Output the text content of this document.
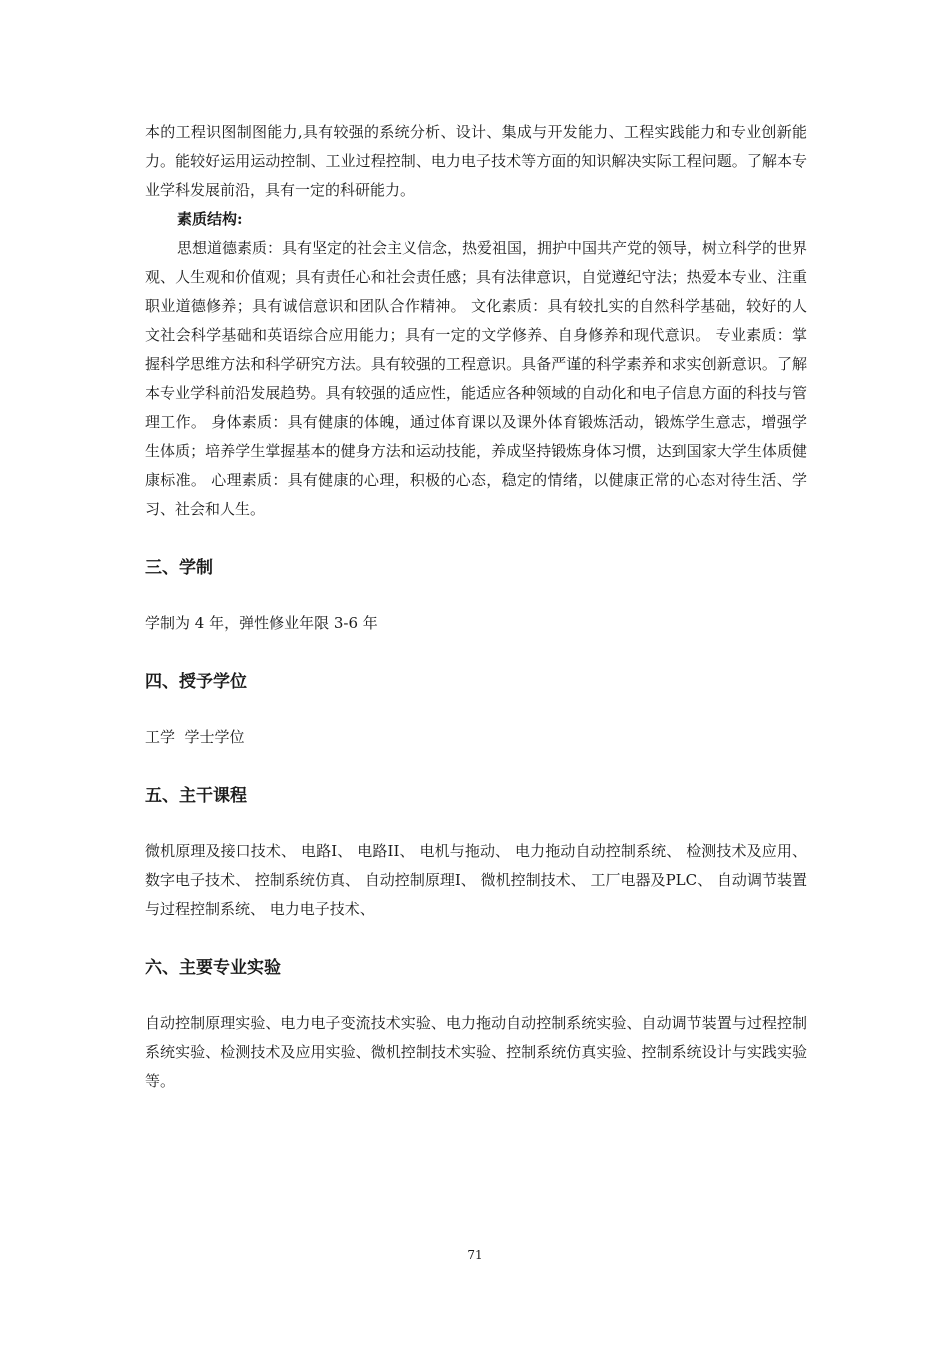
本的工程识图制图能力,具有较强的系统分析、设计、集成与开发能力、工程实践能力和专业创新能力。能较好运用运动控制、工业过程控制、电力电子技术等方面的知识解决实际工程问题。了解本专业学科发展前沿，具有一定的科研能力。

素质结构:

思想道德素质：具有坚定的社会主义信念，热爱祖国，拥护中国共产党的领导，树立科学的世界观、人生观和价值观；具有责任心和社会责任感；具有法律意识，自觉遵纪守法；热爱本专业、注重职业道德修养；具有诚信意识和团队合作精神。 文化素质：具有较扎实的自然科学基础，较好的人文社会科学基础和英语综合应用能力；具有一定的文学修养、自身修养和现代意识。 专业素质：掌握科学思维方法和科学研究方法。具有较强的工程意识。具备严谨的科学素养和求实创新意识。了解本专业学科前沿发展趋势。具有较强的适应性，能适应各种领域的自动化和电子信息方面的科技与管理工作。 身体素质：具有健康的体魄，通过体育课以及课外体育锻炼活动，锻炼学生意志，增强学生体质；培养学生掌握基本的健身方法和运动技能，养成坚持锻炼身体习惯，达到国家大学生体质健康标准。 心理素质：具有健康的心理，积极的心态，稳定的情绪，以健康正常的心态对待生活、学习、社会和人生。

三、学制

学制为 4 年，弹性修业年限 3-6 年

四、授予学位

工学  学士学位

五、主干课程

微机原理及接口技术、 电路I、 电路II、 电机与拖动、 电力拖动自动控制系统、 检测技术及应用、 数字电子技术、 控制系统仿真、 自动控制原理Ⅰ、 微机控制技术、 工厂电器及PLC、 自动调节装置与过程控制系统、 电力电子技术、

六、主要专业实验

自动控制原理实验、电力电子变流技术实验、电力拖动自动控制系统实验、自动调节装置与过程控制系统实验、检测技术及应用实验、微机控制技术实验、控制系统仿真实验、控制系统设计与实践实验等。

71
